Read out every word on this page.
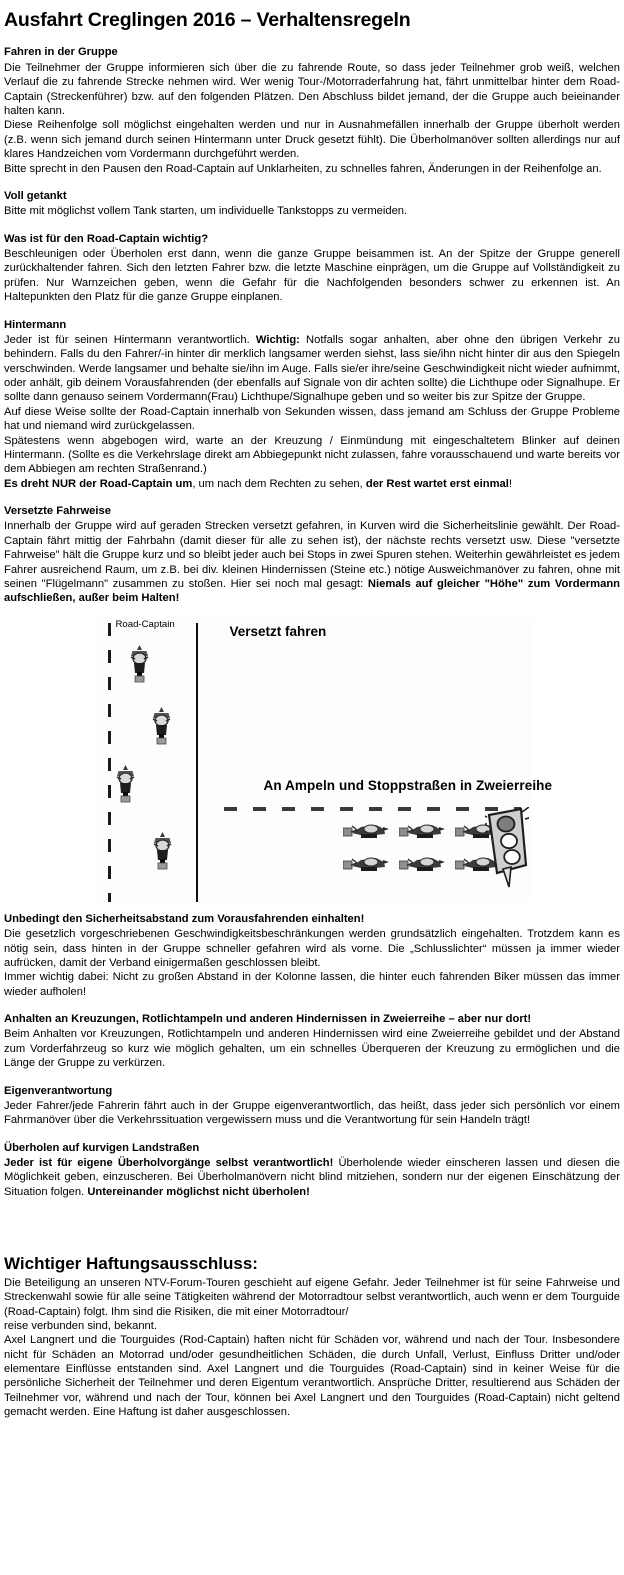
Ausfahrt Creglingen 2016 – Verhaltensregeln
Fahren in der Gruppe

Die Teilnehmer der Gruppe informieren sich über die zu fahrende Route, so dass jeder Teilnehmer grob weiß, welchen Verlauf die zu fahrende Strecke nehmen wird. Wer wenig Tour-/Motorraderfahrung hat, fährt unmittelbar hinter dem Road-Captain (Streckenführer) bzw. auf den folgenden Plätzen. Den Abschluss bildet jemand, der die Gruppe auch beieinander halten kann.

Diese Reihenfolge soll möglichst eingehalten werden und nur in Ausnahmefällen innerhalb der Gruppe überholt werden (z.B. wenn sich jemand durch seinen Hintermann unter Druck gesetzt fühlt). Die Überholmanöver sollten allerdings nur auf klares Handzeichen vom Vordermann durchgeführt werden.

Bitte sprecht in den Pausen den Road-Captain auf Unklarheiten, zu schnelles fahren, Änderungen in der Reihenfolge an.

Voll getankt

Bitte mit möglichst vollem Tank starten, um individuelle Tankstopps zu vermeiden.

Was ist für den Road-Captain wichtig?

Beschleunigen oder Überholen erst dann, wenn die ganze Gruppe beisammen ist. An der Spitze der Gruppe generell zurückhaltender fahren. Sich den letzten Fahrer bzw. die letzte Maschine einprägen, um die Gruppe auf Vollständigkeit zu prüfen. Nur Warnzeichen geben, wenn die Gefahr für die Nachfolgenden besonders schwer zu erkennen ist. An Haltepunkten den Platz für die ganze Gruppe einplanen.

Hintermann

Jeder ist für seinen Hintermann verantwortlich. Wichtig: Notfalls sogar anhalten, aber ohne den übrigen Verkehr zu behindern. Falls du den Fahrer/-in hinter dir merklich langsamer werden siehst, lass sie/ihn nicht hinter dir aus den Spiegeln verschwinden. Werde langsamer und behalte sie/ihn im Auge. Falls sie/er ihre/seine Geschwindigkeit nicht wieder aufnimmt, oder anhält, gib deinem Vorausfahrenden (der ebenfalls auf Signale von dir achten sollte) die Lichthupe oder Signalhupe. Er sollte dann genauso seinem Vordermann(Frau) Lichthupe/Signalhupe geben und so weiter bis zur Spitze der Gruppe.

Auf diese Weise sollte der Road-Captain innerhalb von Sekunden wissen, dass jemand am Schluss der Gruppe Probleme hat und niemand wird zurückgelassen.

Spätestens wenn abgebogen wird, warte an der Kreuzung / Einmündung mit eingeschaltetem Blinker auf deinen Hintermann. (Sollte es die Verkehrslage direkt am Abbiegepunkt nicht zulassen, fahre vorausschauend und warte bereits vor dem Abbiegen am rechten Straßenrand.)

Es dreht NUR der Road-Captain um, um nach dem Rechten zu sehen, der Rest wartet erst einmal!

Versetzte Fahrweise

Innerhalb der Gruppe wird auf geraden Strecken versetzt gefahren, in Kurven wird die Sicherheitslinie gewählt. Der Road-Captain fährt mittig der Fahrbahn (damit dieser für alle zu sehen ist), der nächste rechts versetzt usw. Diese "versetzte Fahrweise" hält die Gruppe kurz und so bleibt jeder auch bei Stops in zwei Spuren stehen. Weiterhin gewährleistet es jedem Fahrer ausreichend Raum, um z.B. bei div. kleinen Hindernissen (Steine etc.) nötige Ausweichmanöver zu fahren, ohne mit seinen "Flügelmann" zusammen zu stoßen. Hier sei noch mal gesagt: Niemals auf gleicher "Höhe" zum Vordermann aufschließen, außer beim Halten!

Road-Captain	Versetzt fahren
An Ampeln und Stoppstraßen in Zweierreihe
Unbedingt den Sicherheitsabstand zum Vorausfahrenden einhalten!

Die gesetzlich vorgeschriebenen Geschwindigkeitsbeschränkungen werden grundsätzlich eingehalten. Trotzdem kann es nötig sein, dass hinten in der Gruppe schneller gefahren wird als vorne. Die „Schlusslichter“ müssen ja immer wieder aufrücken, damit der Verband einigermaßen geschlossen bleibt.

Immer wichtig dabei: Nicht zu großen Abstand in der Kolonne lassen, die hinter euch fahrenden Biker müssen das immer wieder aufholen!

Anhalten an Kreuzungen, Rotlichtampeln und anderen Hindernissen in Zweierreihe – aber nur dort!

Beim Anhalten vor Kreuzungen, Rotlichtampeln und anderen Hindernissen wird eine Zweierreihe gebildet und der Abstand zum Vorderfahrzeug so kurz wie möglich gehalten, um ein schnelles Überqueren der Kreuzung zu ermöglichen und die Länge der Gruppe zu verkürzen.

Eigenverantwortung

Jeder Fahrer/jede Fahrerin fährt auch in der Gruppe eigenverantwortlich, das heißt, dass jeder sich persönlich vor einem Fahrmanöver über die Verkehrssituation vergewissern muss und die Verantwortung für sein Handeln trägt!

Überholen auf kurvigen Landstraßen

Jeder ist für eigene Überholvorgänge selbst verantwortlich! Überholende wieder einscheren lassen und diesen die Möglichkeit geben, einzuscheren. Bei Überholmanövern nicht blind mitziehen, sondern nur der eigenen Einschätzung der Situation folgen. Untereinander möglichst nicht überholen!

Wichtiger Haftungsausschluss:

Die Beteiligung an unseren NTV-Forum-Touren geschieht auf eigene Gefahr. Jeder Teilnehmer ist für seine Fahrweise und Streckenwahl sowie für alle seine Tätigkeiten während der Motorradtour selbst verantwortlich, auch wenn er dem Tourguide (Road-Captain) folgt. Ihm sind die Risiken, die mit einer Motorradtour/

reise verbunden sind, bekannt.

Axel Langnert und die Tourguides (Rod-Captain) haften nicht für Schäden vor, während und nach der Tour. Insbesondere nicht für Schäden an Motorrad und/oder gesundheitlichen Schäden, die durch Unfall, Verlust, Einfluss Dritter und/oder elementare Einflüsse entstanden sind. Axel Langnert und die Tourguides (Road-Captain) sind in keiner Weise für die persönliche Sicherheit der Teilnehmer und deren Eigentum verantwortlich. Ansprüche Dritter, resultierend aus Schäden der Teilnehmer vor, während und nach der Tour, können bei Axel Langnert und den Tourguides (Road-Captain) nicht geltend gemacht werden. Eine Haftung ist daher ausgeschlossen.
